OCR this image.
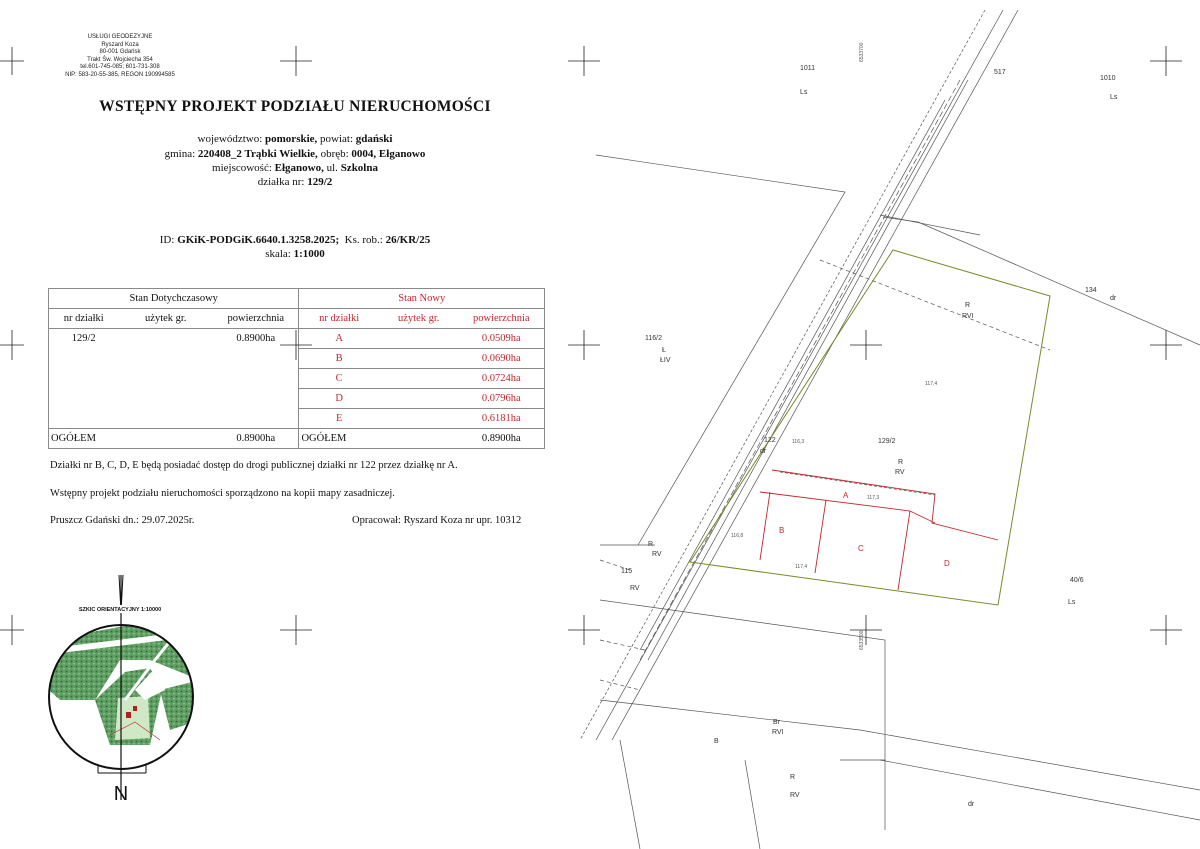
USŁUGI GEODEZYJNE
Ryszard Koza
80-001 Gdańsk
Trakt Św. Wojciecha 354
tel.601-745-085; 601-731-308
NIP: 583-20-55-385, REGON 190994585
WSTĘPNY PROJEKT PODZIAŁU NIERUCHOMOŚCI
województwo: pomorskie, powiat: gdański
gmina: 220408_2 Trąbki Wielkie, obręb: 0004, Ełganowo
miejscowość: Ełganowo, ul. Szkolna
działka nr: 129/2
ID: GKiK-PODGiK.6640.1.3258.2025;  Ks. rob.: 26/KR/25
skala: 1:1000
Stan Dotychczasowy			Stan Nowy		
nr działki	użytek gr.	powierzchnia	nr działki	użytek gr.	powierzchnia
129/2		0.8900ha	A		0.0509ha
			B		0.0690ha
			C		0.0724ha
			D		0.0796ha
			E		0.6181ha
OGÓŁEM		0.8900ha	OGÓŁEM		0.8900ha
Działki nr B, C, D, E będą posiadać dostęp do drogi publicznej działki nr 122 przez działkę nr A.
Wstępny projekt podziału nieruchomości sporządzono na kopii mapy zasadniczej.
Pruszcz Gdański dn.: 29.07.2025r.	Opracował: Ryszard Koza nr upr. 10312
1011
Ls
1010
Ls
517
134
dr
116/2
Ł
ŁIV
R
RVI
129/2
R
RV
122
dr
R
RV
115
RV
40/6
Ls
Br
RVI
B
R
RV
dr
117,4
116,3
117,3
116,8
117,4
6533700
6533500
A
B
C
D
SZKIC ORIENTACYJNY 1:10000
N
